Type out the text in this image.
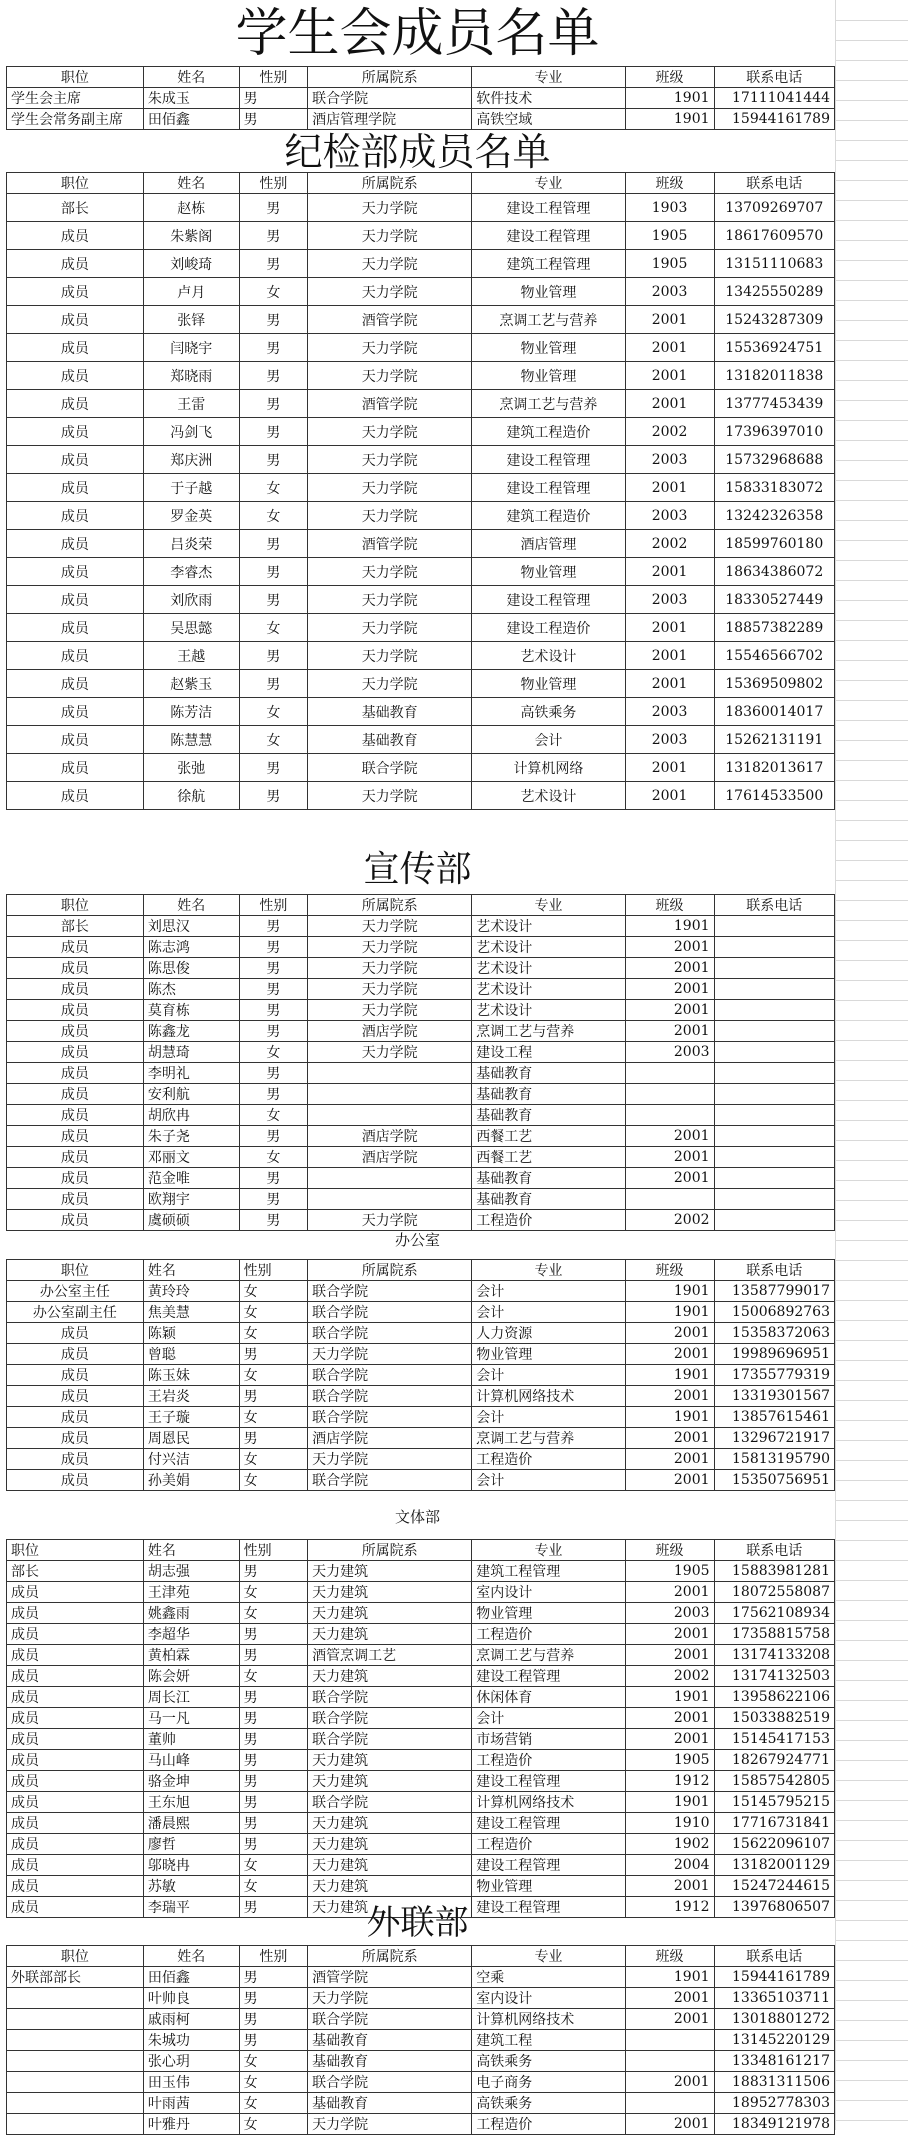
学生会成员名单
职位	姓名	性别	所属院系	专业	班级	联系电话
学生会主席	朱成玉	男	联合学院	软件技术	1901	17111041444
学生会常务副主席	田佰鑫	男	酒店管理学院	高铁空域	1901	15944161789
纪检部成员名单
职位	姓名	性别	所属院系	专业	班级	联系电话
部长	赵栋	男	天力学院	建设工程管理	1903	13709269707
成员	朱紫阁	男	天力学院	建设工程管理	1905	18617609570
成员	刘峻琦	男	天力学院	建筑工程管理	1905	13151110683
成员	卢月	女	天力学院	物业管理	2003	13425550289
成员	张铎	男	酒管学院	烹调工艺与营养	2001	15243287309
成员	闫晓宇	男	天力学院	物业管理	2001	15536924751
成员	郑晓雨	男	天力学院	物业管理	2001	13182011838
成员	王雷	男	酒管学院	烹调工艺与营养	2001	13777453439
成员	冯剑飞	男	天力学院	建筑工程造价	2002	17396397010
成员	郑庆洲	男	天力学院	建设工程管理	2003	15732968688
成员	于子越	女	天力学院	建设工程管理	2001	15833183072
成员	罗金英	女	天力学院	建筑工程造价	2003	13242326358
成员	吕炎荣	男	酒管学院	酒店管理	2002	18599760180
成员	李睿杰	男	天力学院	物业管理	2001	18634386072
成员	刘欣雨	男	天力学院	建设工程管理	2003	18330527449
成员	吴思懿	女	天力学院	建设工程造价	2001	18857382289
成员	王越	男	天力学院	艺术设计	2001	15546566702
成员	赵紫玉	男	天力学院	物业管理	2001	15369509802
成员	陈芳洁	女	基础教育	高铁乘务	2003	18360014017
成员	陈慧慧	女	基础教育	会计	2003	15262131191
成员	张弛	男	联合学院	计算机网络	2001	13182013617
成员	徐航	男	天力学院	艺术设计	2001	17614533500
宣传部
职位	姓名	性别	所属院系	专业	班级	联系电话
部长	刘思汉	男	天力学院	艺术设计	1901	
成员	陈志鸿	男	天力学院	艺术设计	2001	
成员	陈思俊	男	天力学院	艺术设计	2001	
成员	陈杰	男	天力学院	艺术设计	2001	
成员	莫育栋	男	天力学院	艺术设计	2001	
成员	陈鑫龙	男	酒店学院	烹调工艺与营养	2001	
成员	胡慧琦	女	天力学院	建设工程	2003	
成员	李明礼	男		基础教育		
成员	安利航	男		基础教育		
成员	胡欣冉	女		基础教育		
成员	朱子尧	男	酒店学院	西餐工艺	2001	
成员	邓丽文	女	酒店学院	西餐工艺	2001	
成员	范金唯	男		基础教育	2001	
成员	欧翔宇	男		基础教育		
成员	虞硕硕	男	天力学院	工程造价	2002	
办公室
职位	姓名	性别	所属院系	专业	班级	联系电话
办公室主任	黄玲玲	女	联合学院	会计	1901	13587799017
办公室副主任	焦美慧	女	联合学院	会计	1901	15006892763
成员	陈颖	女	联合学院	人力资源	2001	15358372063
成员	曾聪	男	天力学院	物业管理	2001	19989696951
成员	陈玉妹	女	联合学院	会计	1901	17355779319
成员	王岩炎	男	联合学院	计算机网络技术	2001	13319301567
成员	王子璇	女	联合学院	会计	1901	13857615461
成员	周恩民	男	酒店学院	烹调工艺与营养	2001	13296721917
成员	付兴洁	女	天力学院	工程造价	2001	15813195790
成员	孙美娟	女	联合学院	会计	2001	15350756951
文体部
职位	姓名	性别	所属院系	专业	班级	联系电话
部长	胡志强	男	天力建筑	建筑工程管理	1905	15883981281
成员	王津苑	女	天力建筑	室内设计	2001	18072558087
成员	姚鑫雨	女	天力建筑	物业管理	2003	17562108934
成员	李超华	男	天力建筑	工程造价	2001	17358815758
成员	黄柏霖	男	酒管烹调工艺	烹调工艺与营养	2001	13174133208
成员	陈会妍	女	天力建筑	建设工程管理	2002	13174132503
成员	周长江	男	联合学院	休闲体育	1901	13958622106
成员	马一凡	男	联合学院	会计	2001	15033882519
成员	董帅	男	联合学院	市场营销	2001	15145417153
成员	马山峰	男	天力建筑	工程造价	1905	18267924771
成员	骆金坤	男	天力建筑	建设工程管理	1912	15857542805
成员	王东旭	男	联合学院	计算机网络技术	1901	15145795215
成员	潘晨熙	男	天力建筑	建设工程管理	1910	17716731841
成员	廖哲	男	天力建筑	工程造价	1902	15622096107
成员	邬晓冉	女	天力建筑	建设工程管理	2004	13182001129
成员	苏敏	女	天力建筑	物业管理	2001	15247244615
成员	李瑞平	男	天力建筑	建设工程管理	1912	13976806507
外联部
职位	姓名	性别	所属院系	专业	班级	联系电话
外联部部长	田佰鑫	男	酒管学院	空乘	1901	15944161789
	叶帅良	男	天力学院	室内设计	2001	13365103711
	戚雨柯	男	联合学院	计算机网络技术	2001	13018801272
	朱城功	男	基础教育	建筑工程		13145220129
	张心玥	女	基础教育	高铁乘务		13348161217
	田玉伟	女	联合学院	电子商务	2001	18831311506
	叶雨茜	女	基础教育	高铁乘务		18952778303
	叶雅丹	女	天力学院	工程造价	2001	18349121978
